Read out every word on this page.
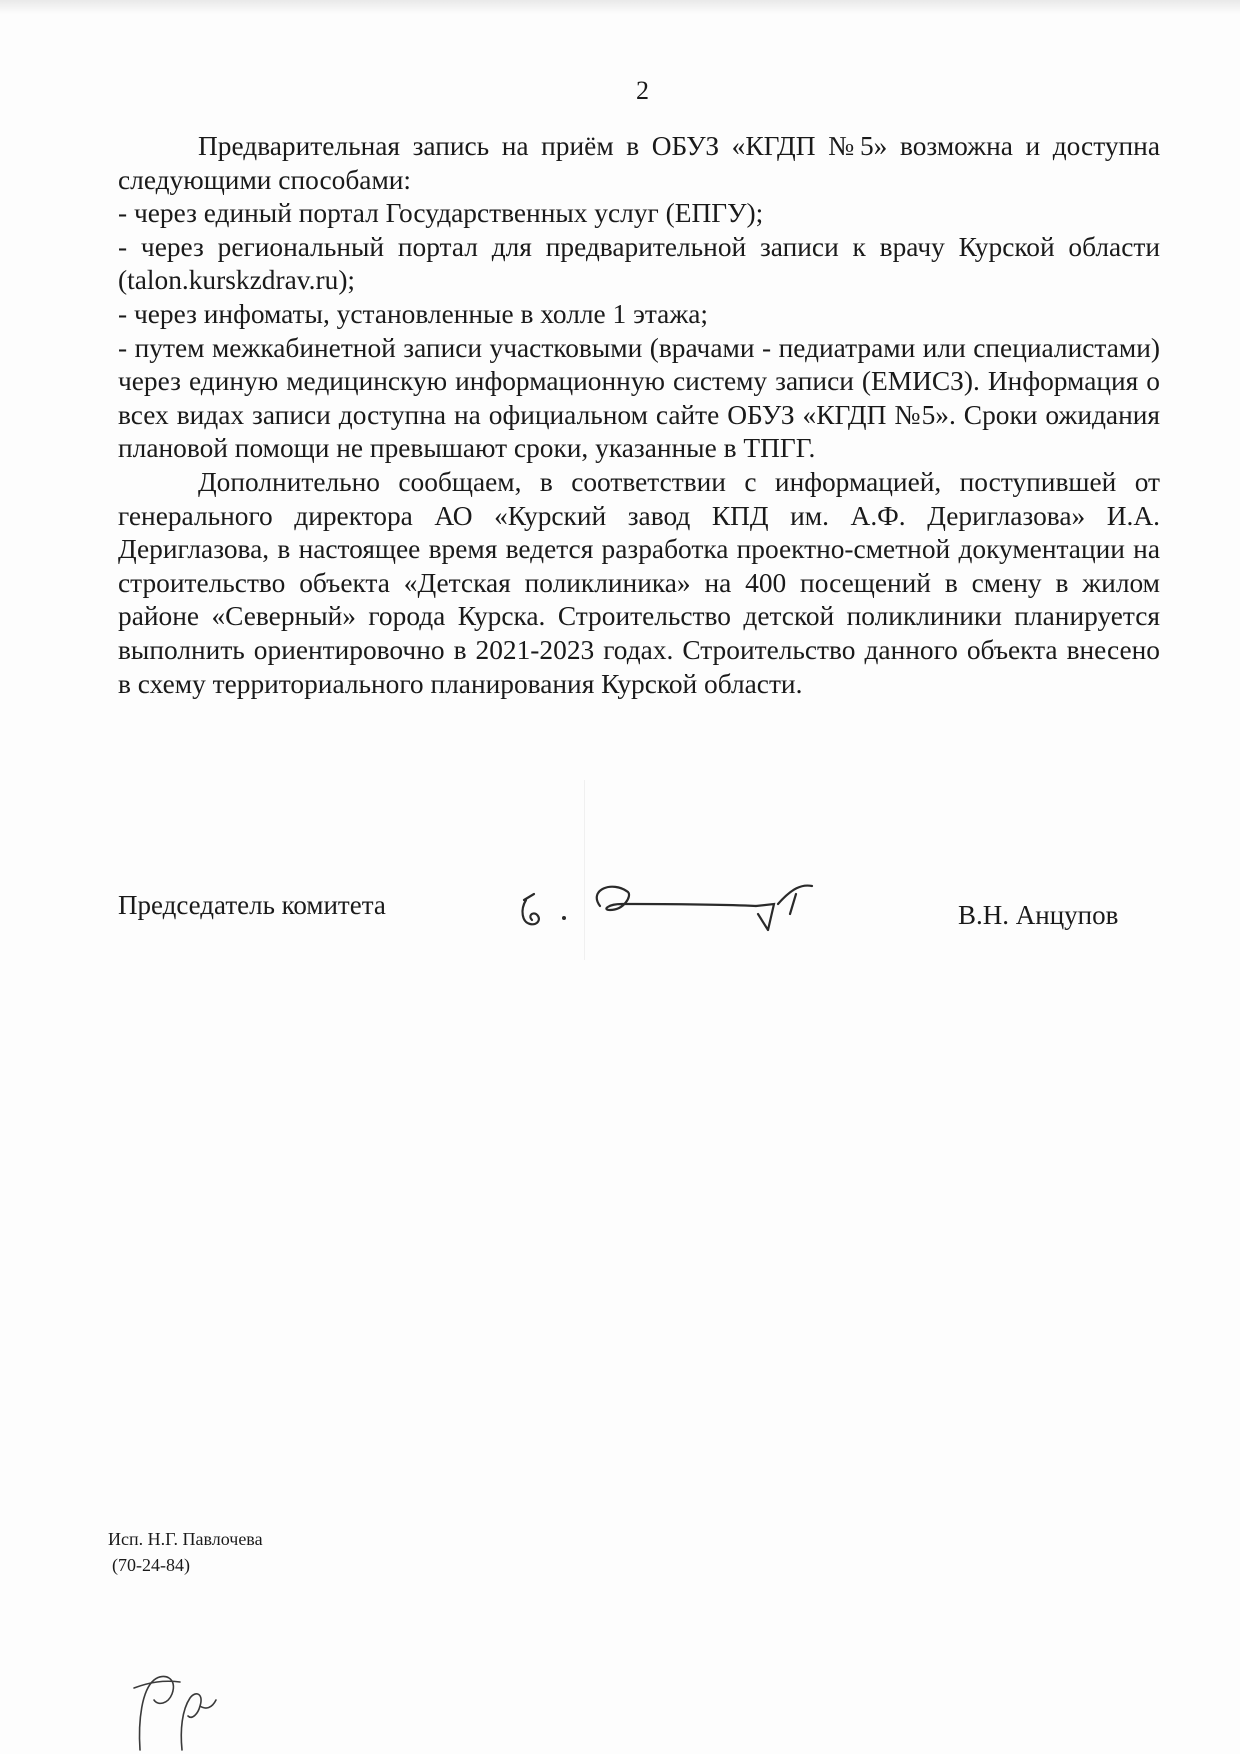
2

Предварительная запись на приём в ОБУЗ «КГДП №5» возможна и доступна следующими способами:

- через единый портал Государственных услуг (ЕПГУ);

- через региональный портал для предварительной записи к врачу Курской области (talon.kurskzdrav.ru);

- через инфоматы, установленные в холле 1 этажа;

- путем межкабинетной записи участковыми (врачами - педиатрами или специалистами) через единую медицинскую информационную систему записи (ЕМИСЗ). Информация о всех видах записи доступна на официальном сайте ОБУЗ «КГДП №5». Сроки ожидания плановой помощи не превышают сроки, указанные в ТПГГ.

Дополнительно сообщаем, в соответствии с информацией, поступившей от генерального директора АО «Курский завод КПД им. А.Ф. Дериглазова» И.А. Дериглазова, в настоящее время ведется разработка проектно-сметной документации на строительство объекта «Детская поликлиника» на 400 посещений в смену в жилом районе «Северный» города Курска. Строительство детской поликлиники планируется выполнить ориентировочно в 2021-2023 годах. Строительство данного объекта внесено в схему территориального планирования Курской области.

Председатель комитета	В.Н. Анцупов
Исп. Н.Г. Павлочева
(70-24-84)
